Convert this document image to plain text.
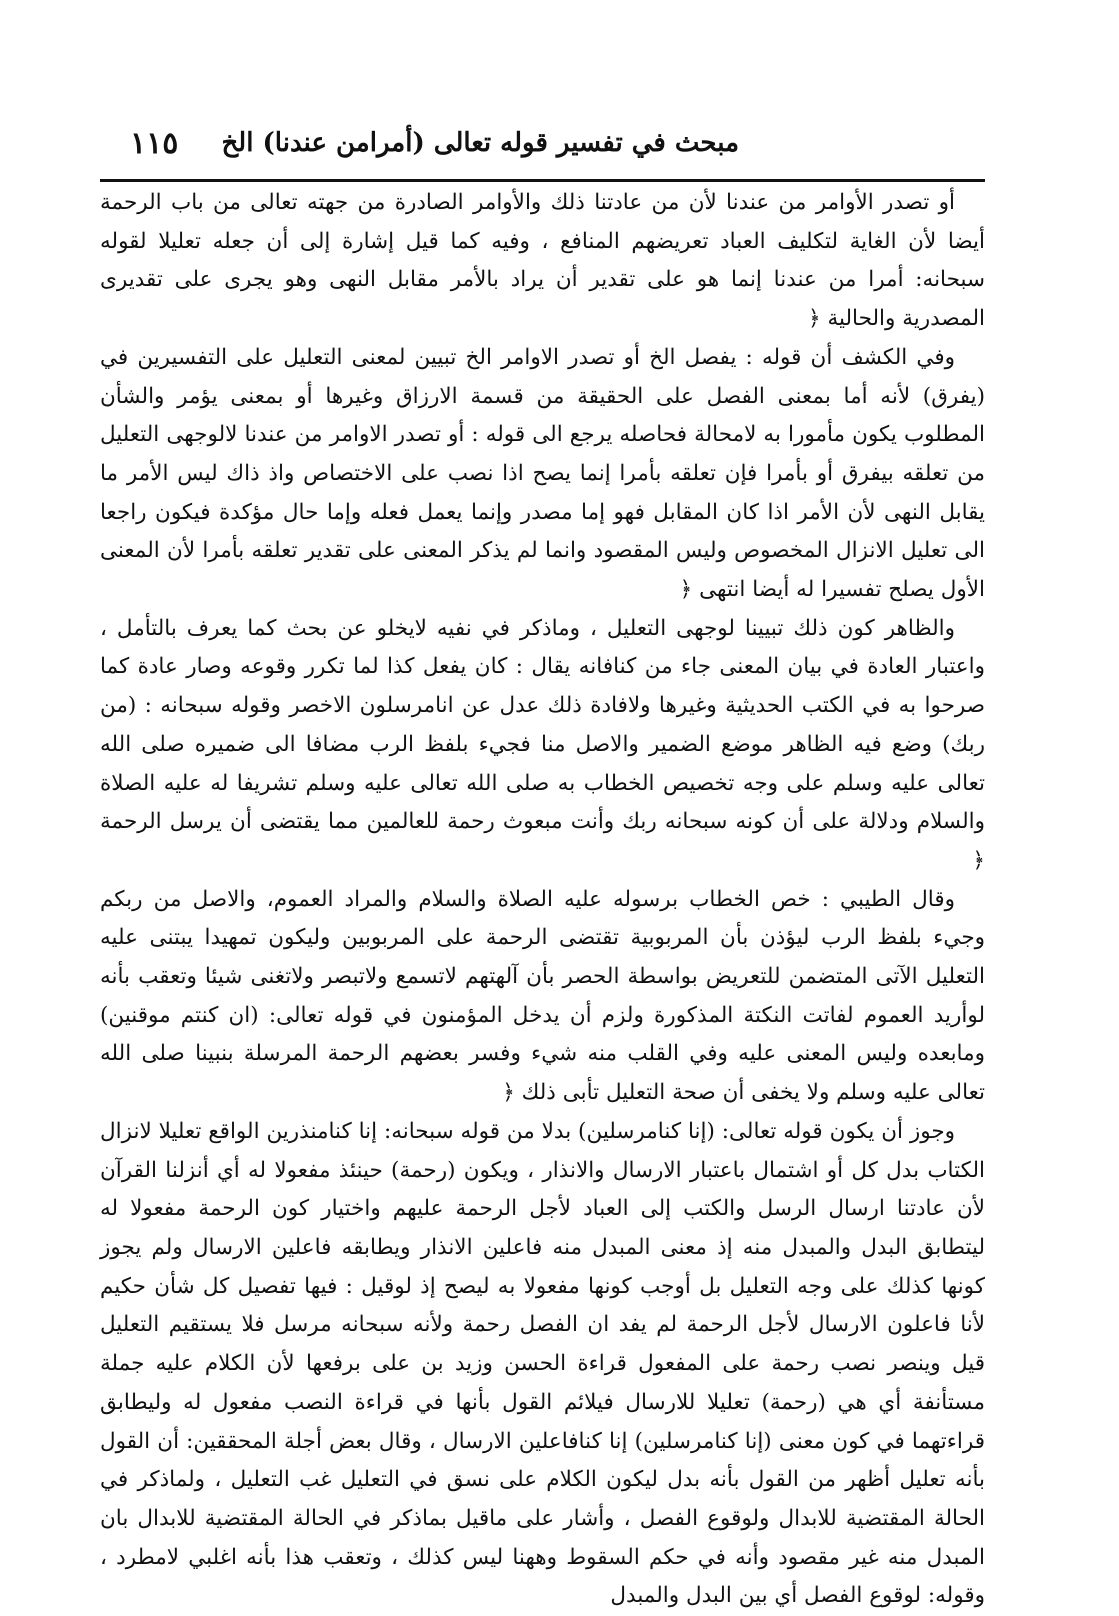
مبحث في تفسير قوله تعالى (أمرامن عندنا) الخ
١١٥

أو تصدر الأوامر من عندنا لأن من عادتنا ذلك والأوامر الصادرة من جهته تعالى من باب الرحمة أيضا لأن الغاية لتكليف العباد تعريضهم المنافع ، وفيه كما قيل إشارة إلى أن جعله تعليلا لقوله سبحانه: أمرا من عندنا إنما هو على تقدير أن يراد بالأمر مقابل النهى وهو يجرى على تقديرى المصدرية والحالية ﴿

وفي الكشف أن قوله : يفصل الخ أو تصدر الاوامر الخ تبيين لمعنى التعليل على التفسيرين في (يفرق) لأنه أما بمعنى الفصل على الحقيقة من قسمة الارزاق وغيرها أو بمعنى يؤمر والشأن المطلوب يكون مأمورا به لامحالة فحاصله يرجع الى قوله : أو تصدر الاوامر من عندنا لالوجهى التعليل من تعلقه بيفرق أو بأمرا فإن تعلقه بأمرا إنما يصح اذا نصب على الاختصاص واذ ذاك ليس الأمر ما يقابل النهى لأن الأمر اذا كان المقابل فهو إما مصدر وإنما يعمل فعله وإما حال مؤكدة فيكون راجعا الى تعليل الانزال المخصوص وليس المقصود وانما لم يذكر المعنى على تقدير تعلقه بأمرا لأن المعنى الأول يصلح تفسيرا له أيضا انتهى ﴿

والظاهر كون ذلك تبيينا لوجهى التعليل ، وماذكر في نفيه لايخلو عن بحث كما يعرف بالتأمل ، واعتبار العادة في بيان المعنى جاء من كنافانه يقال : كان يفعل كذا لما تكرر وقوعه وصار عادة كما صرحوا به في الكتب الحديثية وغيرها ولافادة ذلك عدل عن انامرسلون الاخصر وقوله سبحانه : (من ربك) وضع فيه الظاهر موضع الضمير والاصل منا فجيء بلفظ الرب مضافا الى ضميره صلى الله تعالى عليه وسلم على وجه تخصيص الخطاب به صلى الله تعالى عليه وسلم تشريفا له عليه الصلاة والسلام ودلالة على أن كونه سبحانه ربك وأنت مبعوث رحمة للعالمين مما يقتضى أن يرسل الرحمة ﴿

وقال الطيبي : خص الخطاب برسوله عليه الصلاة والسلام والمراد العموم، والاصل من ربكم وجيء بلفظ الرب ليؤذن بأن المربوبية تقتضى الرحمة على المربوبين وليكون تمهيدا يبتنى عليه التعليل الآتى المتضمن للتعريض بواسطة الحصر بأن آلهتهم لاتسمع ولاتبصر ولاتغنى شيئا وتعقب بأنه لوأريد العموم لفاتت النكتة المذكورة ولزم أن يدخل المؤمنون في قوله تعالى: (ان كنتم موقنين) ومابعده وليس المعنى عليه وفي القلب منه شيء وفسر بعضهم الرحمة المرسلة بنبينا صلى الله تعالى عليه وسلم ولا يخفى أن صحة التعليل تأبى ذلك ﴿

وجوز أن يكون قوله تعالى: (إنا كنامرسلين) بدلا من قوله سبحانه: إنا كنامنذرين الواقع تعليلا لانزال الكتاب بدل كل أو اشتمال باعتبار الارسال والانذار ، ويكون (رحمة) حينئذ مفعولا له أي أنزلنا القرآن لأن عادتنا ارسال الرسل والكتب إلى العباد لأجل الرحمة عليهم واختيار كون الرحمة مفعولا له ليتطابق البدل والمبدل منه إذ معنى المبدل منه فاعلين الانذار ويطابقه فاعلين الارسال ولم يجوز كونها كذلك على وجه التعليل بل أوجب كونها مفعولا به ليصح إذ لوقيل : فيها تفصيل كل شأن حكيم لأنا فاعلون الارسال لأجل الرحمة لم يفد ان الفصل رحمة ولأنه سبحانه مرسل فلا يستقيم التعليل قيل وينصر نصب رحمة على المفعول قراءة الحسن وزيد بن على برفعها لأن الكلام عليه جملة مستأنفة أي هي (رحمة) تعليلا للارسال فيلائم القول بأنها في قراءة النصب مفعول له وليطابق قراءتهما في كون معنى (إنا كنامرسلين) إنا كنافاعلين الارسال ، وقال بعض أجلة المحققين: أن القول بأنه تعليل أظهر من القول بأنه بدل ليكون الكلام على نسق في التعليل غب التعليل ، ولماذكر في الحالة المقتضية للابدال ولوقوع الفصل ، وأشار على ماقيل بماذكر في الحالة المقتضية للابدال بان المبدل منه غير مقصود وأنه في حكم السقوط وههنا ليس كذلك ، وتعقب هذا بأنه اغلبي لامطرد ، وقوله: لوقوع الفصل أي بين البدل والمبدل
